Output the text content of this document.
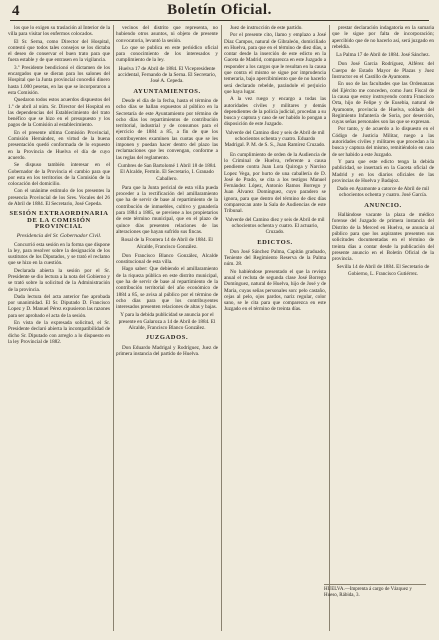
4	Boletín Oficial.

los que lo exigen su traslación al Interior de la villa para visitar los enfermos colocados.

El Sr. Serna, como Director del Hospital, contestó que todos tales consejos se los dictaba el deseo de conservar el buen trato para que fuera estable y de que entrasen en la vigilancia.

3.º Presidente bendicionó el dictamen de los encargados que se dieran para los salones del Hospital que la Junta provincial concedió dinero hasta 1.000 pesetas, en las que se incorporaron a esta Comisión.

Quedaron todos estos acuerdos dispuestos del 1.º de abril al núm. Sr. Director del Hospital en las dependencias del Establecimiento del trato benéfico que se hizo en el presupuesto y los pagos de la Comisión al establecimiento.

En el presente ultima Comisión Provincial, Comisión Hernández, en virtud de la buena presentación quedó conformada de lo expuesto en la Provincia de Huelva el día de cuyo acuerdo.

Se dispuso también interesar en el Gobernador de la Provincia el cambio para que por esta en los territorios de la Comisión de la colocación del domicilio.

Con el unánime estimulo de los presentes la presencia Provincial de los Sres. Vocales del 26 de Abril de 1884. El Secretario, José Cepeda.

SESIÓN EXTRAORDINARIA DE LA COMISIÓN PROVINCIAL

Presidencia del Sr. Gobernador Civil.

Concurrió esta sesión en la forma que dispone la ley, para resolver sobre la designación de los sustitutos de los Diputados, y se trató el reclamo que se hizo en la cuestión.

Declarada abierta la sesión por el Sr. Presidente se dio lectura a la nota del Gobierno y se trató sobre la solicitud de la Administración de la provincia.

Dada lectura del acta anterior fue aprobada por unanimidad. El Sr. Diputado D. Francisco Lopez y D. Manuel Pérez expusieron las razones para ser aprobado el acta de la sesión.

En vista de la expresada solicitud, el Sr. Presidente declaró abierta la incompatibilidad de dicho Sr. Diputado con arreglo a lo dispuesto en la ley Provincial de 1882.

vecinos del distrito que representa, no hubiendo otros asuntos, ni objeto de presente convocatoria, levantó la sesión.

Lo que se publica en este periódico oficial para conocimiento de los interesados y cumplimiento de la ley.

Huelva 17 de Abril de 1884. El Vicepresidente accidental, Fernando de la Serna. El Secretario, José A. Cepeda.

AYUNTAMIENTOS.

Desde el día de la fecha, hasta el término de ocho días se hallan expuestos al público en la Secretaría de este Ayuntamiento por término de ocho días los repartimientos de contribución territorial, industrial y de consumos para el ejercicio de 1884 a 85, a fin de que los contribuyentes examinen las cuotas que se les imponen y puedan hacer dentro del plazo las reclamaciones que les convengan, conforme a las reglas del reglamento.

Cumbres de San Bartolomé 1 Abril 18 de 1884. El Alcalde, Fermín. El Secretario, I. Granado Caballero.

Para que la Junta pericial de esta villa pueda proceder a la rectificación del amillaramiento que ha de servir de base al repartimiento de la contribución de inmuebles, cultivo y ganadería para 1884 a 1885, se previene a los propietarios de este término municipal, que en el plazo de quince días presenten relaciones de las alteraciones que hayan sufrido sus fincas.

Rosal de la Frontera 14 de Abril de 1884. El Alcalde, Francisco González.

Don Francisco Blanco González, Alcalde constitucional de esta villa.

Hago saber: Que debiendo el amillaramiento de la riqueza pública en este distrito municipal, que ha de servir de base al repartimiento de la contribución territorial del año económico de 1884 a 85, se avisa al público por el término de ocho días para que los contribuyentes interesados presenten relaciones de altas y bajas.

Y para la debida publicidad se anuncia por el presente en Galaroza a 14 de Abril de 1884. El Alcalde, Francisco Blanco González.

JUZGADOS.

Don Eduardo Madrigal y Rodríguez, Juez de primera instancia del partido de Huelva.

Juez de instrucción de este partido.

Por el presente cito, llamo y emplazo a José Díaz Campos, natural de Gibraleón, domiciliado en Huelva, para que en el término de diez días, a contar desde la inserción de este edicto en la Gaceta de Madrid, comparezca en este Juzgado a responder a los cargos que le resultan en la causa que contra el mismo se sigue por imprudencia temeraria, bajo apercibimiento que de no hacerlo será declarado rebelde, parándole el perjuicio que haya lugar.

A la vez ruego y encargo a todas las autoridades civiles y militares y demás dependientes de la policía judicial, procedan a su busca y captura y caso de ser habido lo pongan a disposición de este Juzgado.

Valverde del Camino diez y seis de Abril de mil ochocientos ochenta y cuatro. Eduardo Madrigal. P. M. de S. S., Juan Ramírez Cruzado.

En cumplimiento de orden de la Audiencia de lo Criminal de Huelva, referente a causa pendiente contra Juan Lora Quiroga y Narciso Lopez Vega, por hurto de una caballería de D. José de Prado, se cita a los testigos Manuel Fernández López, Antonio Ramos Borrego y Juan Álvarez Domínguez, cuyo paradero se ignora, para que dentro del término de diez días comparezcan ante la Sala de Audiencias de este Tribunal.

Valverde del Camino diez y seis de Abril de mil ochocientos ochenta y cuatro. El actuario, Cruzado.

EDICTOS.

Don José Sánchez Palma, Capitán graduado, Teniente del Regimiento Reserva de la Palma núm. 28.

No habiéndose presentado el que la revista anual el recluta de segunda clase José Borrego Domínguez, natural de Huelva, hijo de José y de María, cuyas señas personales son: pelo castaño, cejas al pelo, ojos pardos, nariz regular, color sano, se le cita para que comparezca en este Juzgado en el término de treinta días.

prestar declaración indagatoria en la sumaria que le sigue por falta de incorporación; apercibido que de no hacerlo así, será juzgado en rebeldía.

La Palma 17 de Abril de 1884. José Sánchez.

Don José Garcia Rodríguez, Alférez del Cuerpo de Estado Mayor de Plazas y Juez Instructor en el Castillo de Ayamonte.

En uso de las facultades que las Ordenanzas del Ejército me conceden, como Juez Fiscal de la causa que estoy instruyendo contra Francisco Orta, hijo de Felipe y de Eusebia, natural de Ayamonte, provincia de Huelva, soldado del Regimiento Infantería de Soria, por deserción, cuyas señas personales son las que se expresan.

Por tanto, y de acuerdo a lo dispuesto en el Código de Justicia Militar, ruego a las autoridades civiles y militares que procedan a la busca y captura del mismo, remitiéndolo en caso de ser habido a este Juzgado.

Y para que este edicto tenga la debida publicidad, se insertará en la Gaceta oficial de Madrid y en los diarios oficiales de las provincias de Huelva y Badajoz.

Dado en Ayamonte a catorce de Abril de mil ochocientos ochenta y cuatro. José García.

ANUNCIO.

Hallándose vacante la plaza de médico forense del Juzgado de primera instancia del Distrito de la Merced en Huelva, se anuncia al público para que los aspirantes presenten sus solicitudes documentadas en el término de treinta días a contar desde la publicación del presente anuncio en el Boletín Oficial de la provincia.

Sevilla 14 de Abril de 1884. El Secretario de Gobierno, L. Francisco Gutiérrez.

HUELVA.—Imprenta á cargo de Vázquez y Hueso, Rábida, 3.
